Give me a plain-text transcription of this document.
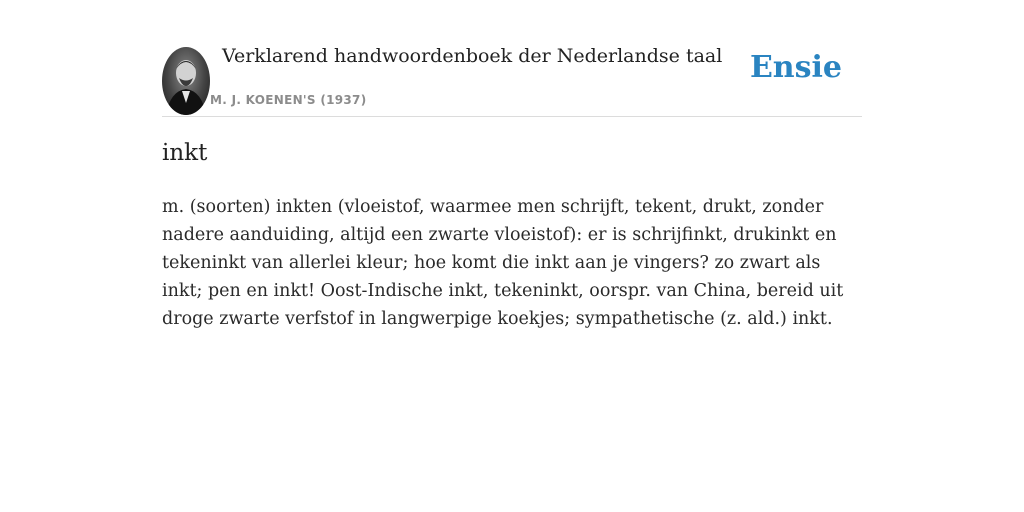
Verklarend handwoordenboek der Nederlandse taal
M. J. KOENEN'S (1937)
Ensie
inkt

m. (soorten) inkten (vloeistof, waarmee men schrijft, tekent, drukt, zonder nadere aanduiding, altijd een zwarte vloeistof): er is schrijfinkt, drukinkt en tekeninkt van allerlei kleur; hoe komt die inkt aan je vingers? zo zwart als inkt; pen en inkt! Oost-Indische inkt, tekeninkt, oorspr. van China, bereid uit droge zwarte verfstof in langwerpige koekjes; sympathetische (z. ald.) inkt.
